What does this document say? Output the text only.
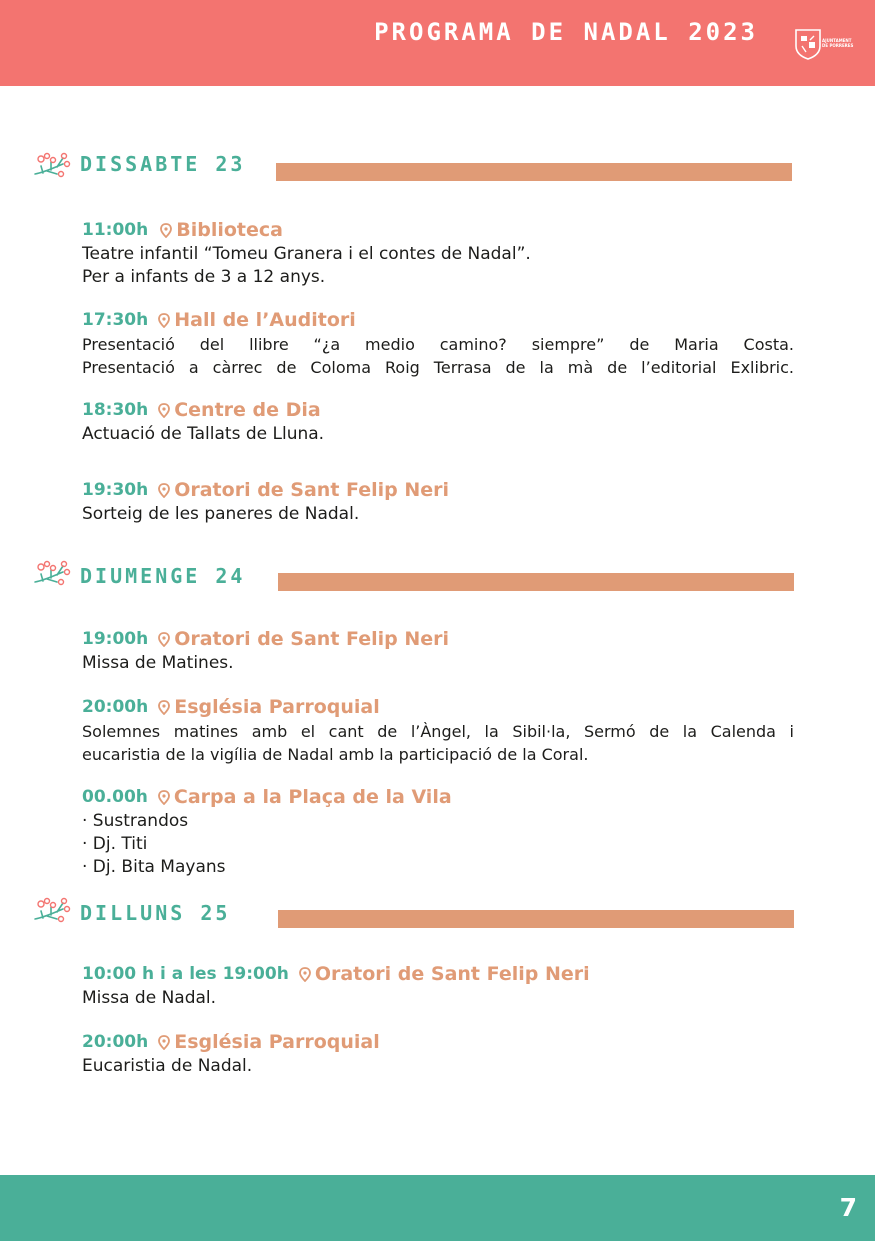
PROGRAMA DE NADAL 2023	AJUNTAMENT
DE PORRERES
DISSABTE 23
11:00h Biblioteca
Teatre infantil “Tomeu Granera i el contes de Nadal”.
Per a infants de 3 a 12 anys.
17:30h Hall de l’Auditori
Presentació del llibre “¿a medio camino? siempre” de Maria Costa.
Presentació a càrrec de Coloma Roig Terrasa de la mà de l’editorial Exlibric.
18:30h Centre de Dia
Actuació de Tallats de Lluna.
19:30h Oratori de Sant Felip Neri
Sorteig de les paneres de Nadal.
DIUMENGE 24
19:00h Oratori de Sant Felip Neri
Missa de Matines.
20:00h Església Parroquial
Solemnes matines amb el cant de l’Àngel, la Sibil·la, Sermó de la Calenda i
eucaristia de la vigília de Nadal amb la participació de la Coral.
00.00h Carpa a la Plaça de la Vila
· Sustrandos
· Dj. Titi
· Dj. Bita Mayans
DILLUNS 25
10:00 h i a les 19:00h Oratori de Sant Felip Neri
Missa de Nadal.
20:00h Església Parroquial
Eucaristia de Nadal.
7
